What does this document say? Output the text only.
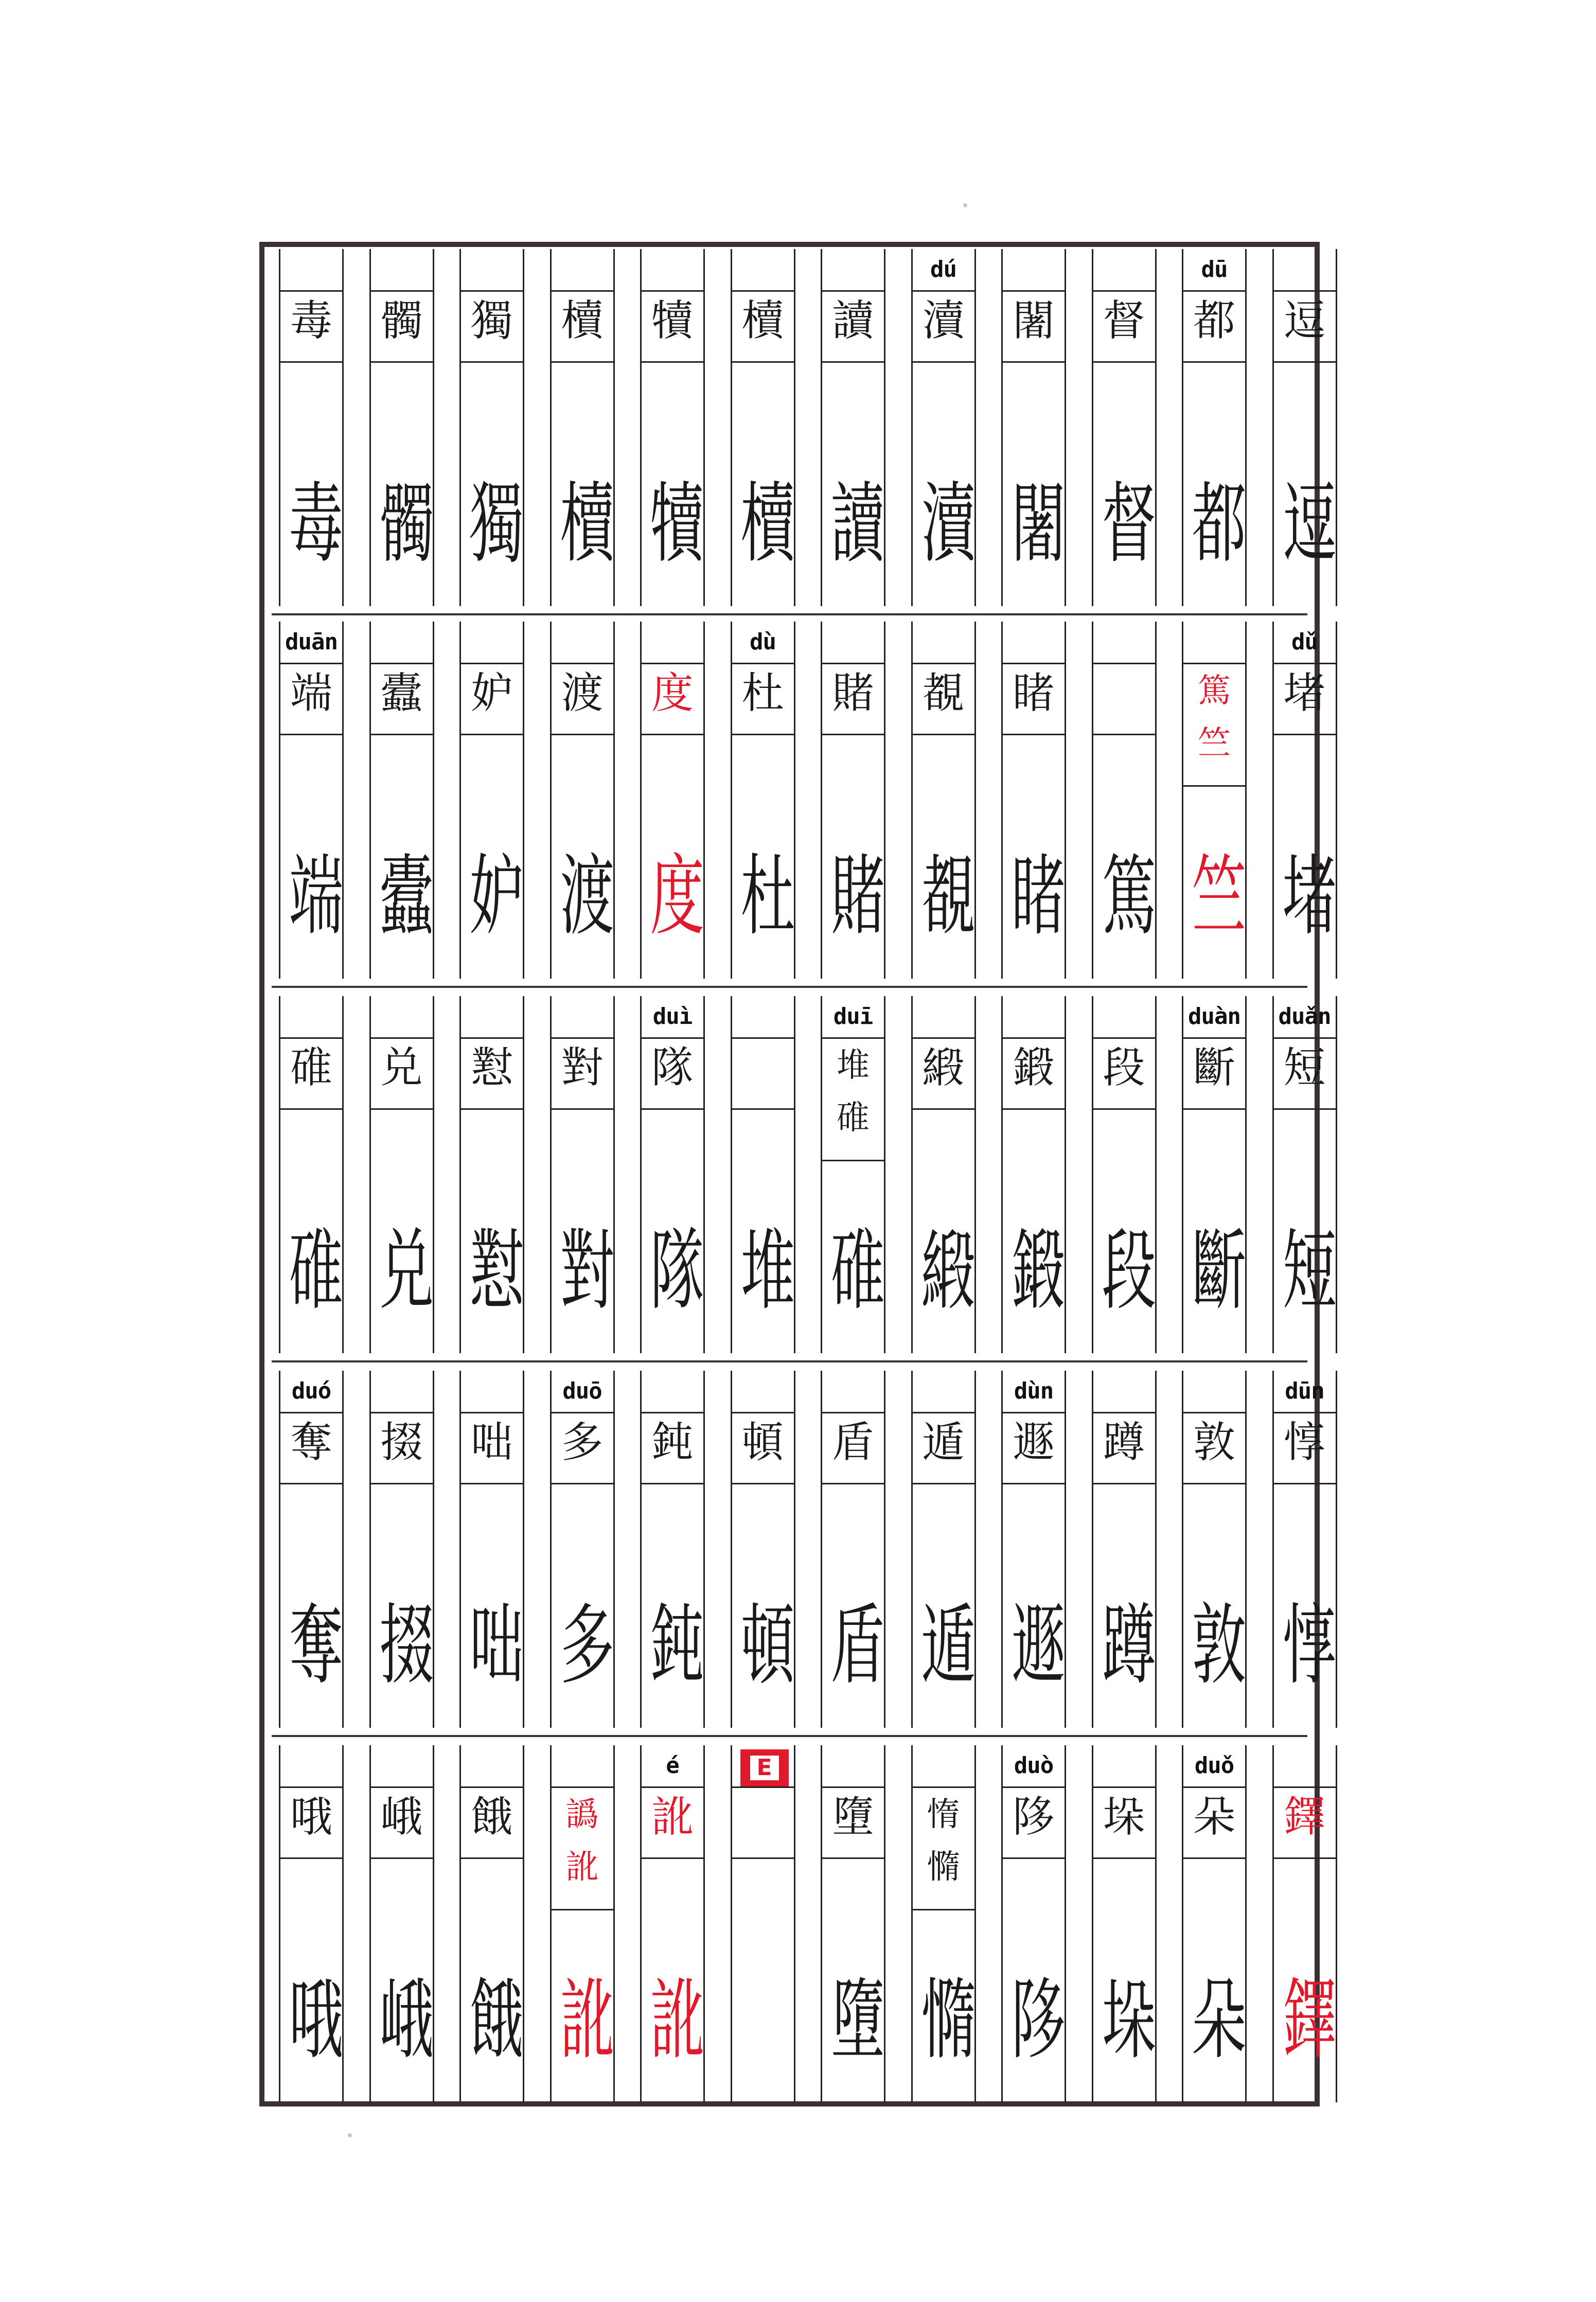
毒
毒
髑
髑
獨
獨
櫝
櫝
犢
犢
櫝
櫝
讀
讀
dú
瀆
瀆
闍
闍
督
督
dū
都
都
逗
逗
duān
端
端
蠹
蠹
妒
妒
渡
渡
度
度
dù
杜
杜
賭
賭
覩
覩
睹
睹 篤
篤
竺
竺
dǔ
堵
堵
碓
碓
兑
兑
懟
懟
對
對
duì
隊
隊 堆
duī
堆
碓
碓
緞
緞
鍛
鍛
段
段
duàn
斷
斷
duǎn
短
短
duó
奪
奪
掇
掇
咄
咄
duō
多
多
鈍
鈍
頓
頓
盾
盾
遁
遁
dùn
遯
遯
蹲
蹲
敦
敦
dūn
惇
惇
哦
哦
峨
峨
餓
餓
譌
訛
訛
é
訛
訛
E
墮
墮
惰
憜
憜
duò
陊
陊
垛
垛
duǒ
朵
朵
鐸
鐸
